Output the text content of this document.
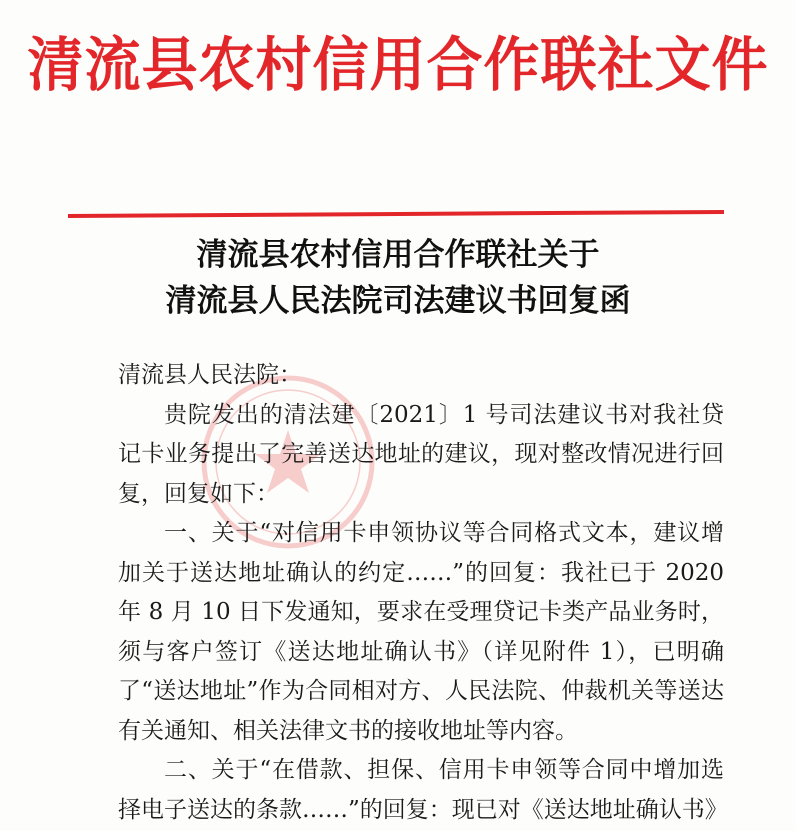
清流县农村信用合作联社文件
清流县农村信用合作联社关于
清流县人民法院司法建议书回复函

清流县人民法院：

贵院发出的清法建〔2021〕1 号司法建议书对我社贷记卡业务提出了完善送达地址的建议，现对整改情况进行回复，回复如下：

一、关于“对信用卡申领协议等合同格式文本，建议增加关于送达地址确认的约定……”的回复：我社已于 2020 年 8 月 10 日下发通知，要求在受理贷记卡类产品业务时，须与客户签订《送达地址确认书》（详见附件 1），已明确了“送达地址”作为合同相对方、人民法院、仲裁机关等送达有关通知、相关法律文书的接收地址等内容。

二、关于“在借款、担保、信用卡申领等合同中增加选择电子送达的条款……”的回复：现已对《送达地址确认书》
